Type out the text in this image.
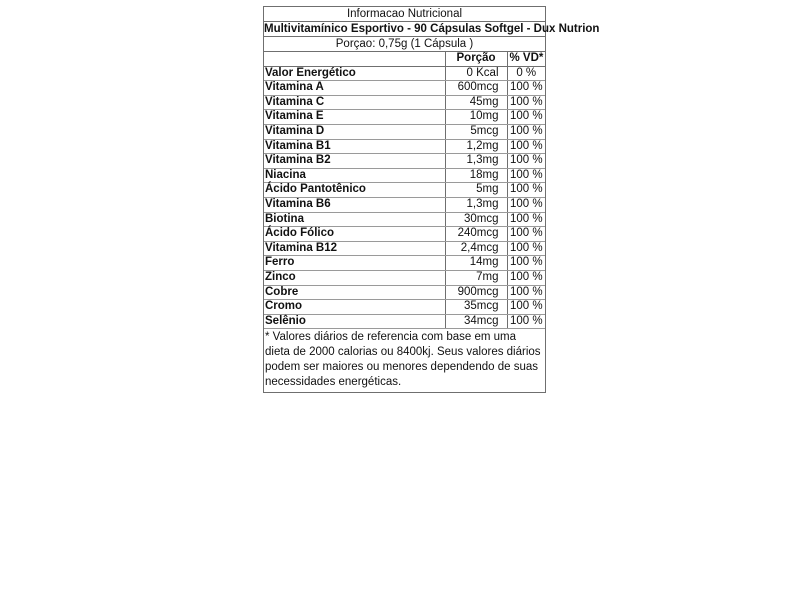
Informacao Nutricional
Multivitamínico Esportivo - 90 Cápsulas Softgel - Dux Nutrion
Porçao: 0,75g (1 Cápsula )
	Porção	% VD*
Valor Energético	0 Kcal	0 %
Vitamina A	600mcg	100 %
Vitamina C	45mg	100 %
Vitamina E	10mg	100 %
Vitamina D	5mcg	100 %
Vitamina B1	1,2mg	100 %
Vitamina B2	1,3mg	100 %
Niacina	18mg	100 %
Ácido Pantotênico	5mg	100 %
Vitamina B6	1,3mg	100 %
Biotina	30mcg	100 %
Ácido Fólico	240mcg	100 %
Vitamina B12	2,4mcg	100 %
Ferro	14mg	100 %
Zinco	7mg	100 %
Cobre	900mcg	100 %
Cromo	35mcg	100 %
Selênio	34mcg	100 %
* Valores diários de referencia com base em uma dieta de 2000 calorias ou 8400kj. Seus valores diários podem ser maiores ou menores dependendo de suas necessidades energéticas.
